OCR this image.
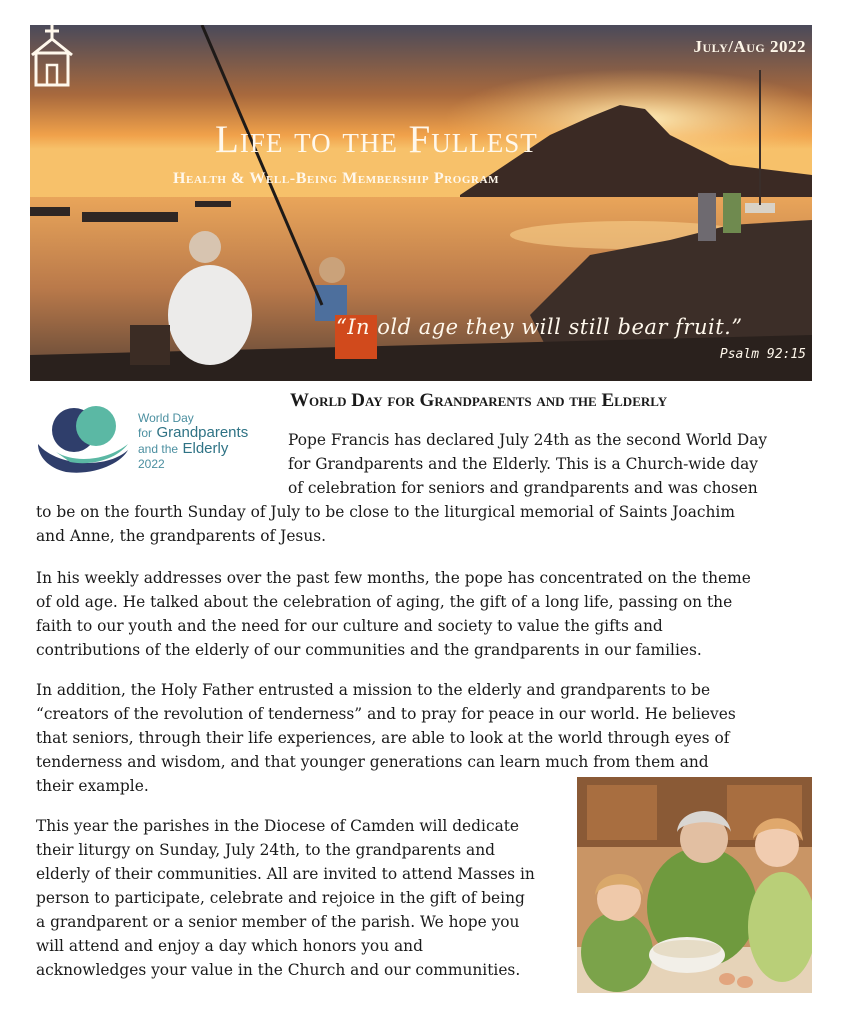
July/Aug 2022
Life to the Fullest
Health & Well-Being Membership Program
“In old age they will still bear fruit.”
Psalm 92:15
World Day
for Grandparents
and the Elderly
2022
World Day for Grandparents and the Elderly

Pope Francis has declared July 24th as the second World Day
for Grandparents and the Elderly. This is a Church-wide day
of celebration for seniors and grandparents and was chosen
to be on the fourth Sunday of July to be close to the liturgical memorial of Saints Joachim
and Anne, the grandparents of Jesus.

In his weekly addresses over the past few months, the pope has concentrated on the theme
of old age. He talked about the celebration of aging, the gift of a long life, passing on the
faith to our youth and the need for our culture and society to value the gifts and
contributions of the elderly of our communities and the grandparents in our families.

In addition, the Holy Father entrusted a mission to the elderly and grandparents to be
“creators of the revolution of tenderness” and to pray for peace in our world. He believes
that seniors, through their life experiences, are able to look at the world through eyes of
tenderness and wisdom, and that younger generations can learn much from them and
their example.

This year the parishes in the Diocese of Camden will dedicate
their liturgy on Sunday, July 24th, to the grandparents and
elderly of their communities. All are invited to attend Masses in
person to participate, celebrate and rejoice in the gift of being
a grandparent or a senior member of the parish. We hope you
will attend and enjoy a day which honors you and
acknowledges your value in the Church and our communities.
